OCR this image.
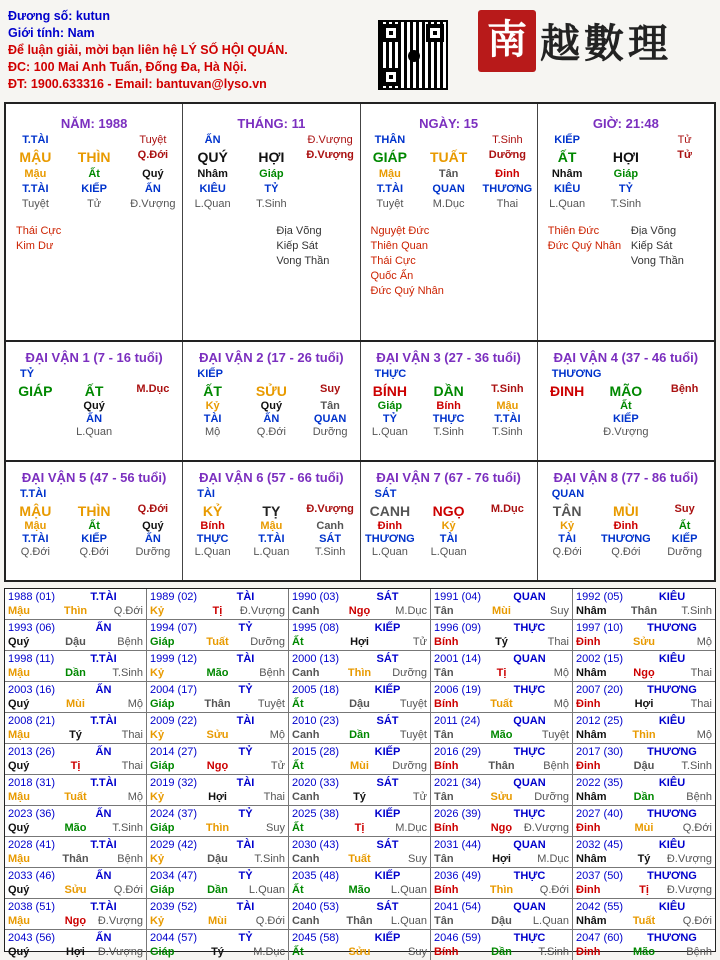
Đương số: kutun
Giới tính: Nam
Để luận giải, mời bạn liên hệ LÝ SỐ HỘI QUÁN.
ĐC: 100 Mai Anh Tuấn, Đống Đa, Hà Nội.
ĐT: 1900.633316 - Email: bantuvan@lyso.vn
南 越數理
NĂM: 1988
T.TÀI	Tuyệt
MẬU	THÌN	Q.Đới
Mậu	Ất	Quý
T.TÀI	KIẾP	ẤN
Tuyệt	Tử	Đ.Vượng
Thái Cực
Kim Dư
THÁNG: 11
ẤN	Đ.Vượng
QUÝ	HỢI	Đ.Vượng
Nhâm	Giáp
KIÊU	TỶ
L.Quan	T.Sinh
Địa Võng
Kiếp Sát
Vong Thần
NGÀY: 15
THÂN	T.Sinh
GIÁP	TUẤT	Dưỡng
Mậu	Tân	Đinh
T.TÀI	QUAN	THƯƠNG
Tuyệt	M.Dục	Thai
Nguyệt Đức
Thiên Quan
Thái Cực
Quốc Ấn
Đức Quý Nhân
GIỜ: 21:48
KIẾP	Tử
ẤT	HỢI	Tử
Nhâm	Giáp
KIÊU	TỶ
L.Quan	T.Sinh
Thiên Đức
Đức Quý Nhân
Địa Võng
Kiếp Sát
Vong Thần
ĐẠI VẬN 1 (7 - 16 tuổi)
TỶ
GIÁP	ẤT	M.Dục
Quý
ẤN
L.Quan
ĐẠI VẬN 2 (17 - 26 tuổi)
KIẾP
ẤT	SỬU	Suy
Kỷ	Quý	Tân
TÀI	ẤN	QUAN
Mộ	Q.Đới	Dưỡng
ĐẠI VẬN 3 (27 - 36 tuổi)
THỰC
BÍNH	DẦN	T.Sinh
Giáp	Bính	Mậu
TỶ	THỰC	T.TÀI
L.Quan	T.Sinh	T.Sinh
ĐẠI VẬN 4 (37 - 46 tuổi)
THƯƠNG
ĐINH	MÃO	Bệnh
Ất
KIẾP
Đ.Vượng
ĐẠI VẬN 5 (47 - 56 tuổi)
T.TÀI
MẬU	THÌN	Q.Đới
Mậu	Ất	Quý
T.TÀI	KIẾP	ẤN
Q.Đới	Q.Đới	Dưỡng
ĐẠI VẬN 6 (57 - 66 tuổi)
TÀI
KỶ	TỴ	Đ.Vượng
Bính	Mậu	Canh
THỰC	T.TÀI	SÁT
L.Quan	L.Quan	T.Sinh
ĐẠI VẬN 7 (67 - 76 tuổi)
SÁT
CANH	NGỌ	M.Dục
Đinh	Kỷ
THƯƠNG	TÀI
L.Quan	L.Quan
ĐẠI VẬN 8 (77 - 86 tuổi)
QUAN
TÂN	MÙI	Suy
Kỷ	Đinh	Ất
TÀI	THƯƠNG	KIẾP
Q.Đới	Q.Đới	Dưỡng
1988 (01)	T.TÀI
Mậu	Thìn	Q.Đới
1989 (02)	TÀI
Kỷ	Tị	Đ.Vượng
1990 (03)	SÁT
Canh	Ngọ	M.Dục
1991 (04)	QUAN
Tân	Mùi	Suy
1992 (05)	KIÊU
Nhâm	Thân	T.Sinh
1993 (06)	ẤN
Quý	Dậu	Bệnh
1994 (07)	TỶ
Giáp	Tuất	Dưỡng
1995 (08)	KIẾP
Ất	Hợi	Tử
1996 (09)	THỰC
Bính	Tý	Thai
1997 (10)	THƯƠNG
Đinh	Sửu	Mộ
1998 (11)	T.TÀI
Mậu	Dần	T.Sinh
1999 (12)	TÀI
Kỷ	Mão	Bệnh
2000 (13)	SÁT
Canh	Thìn	Dưỡng
2001 (14)	QUAN
Tân	Tị	Mộ
2002 (15)	KIÊU
Nhâm	Ngọ	Thai
2003 (16)	ẤN
Quý	Mùi	Mộ
2004 (17)	TỶ
Giáp	Thân	Tuyệt
2005 (18)	KIẾP
Ất	Dậu	Tuyệt
2006 (19)	THỰC
Bính	Tuất	Mộ
2007 (20)	THƯƠNG
Đinh	Hợi	Thai
2008 (21)	T.TÀI
Mậu	Tý	Thai
2009 (22)	TÀI
Kỷ	Sửu	Mộ
2010 (23)	SÁT
Canh	Dần	Tuyệt
2011 (24)	QUAN
Tân	Mão	Tuyệt
2012 (25)	KIÊU
Nhâm	Thìn	Mộ
2013 (26)	ẤN
Quý	Tị	Thai
2014 (27)	TỶ
Giáp	Ngọ	Tử
2015 (28)	KIẾP
Ất	Mùi	Dưỡng
2016 (29)	THỰC
Bính	Thân	Bệnh
2017 (30)	THƯƠNG
Đinh	Dậu	T.Sinh
2018 (31)	T.TÀI
Mậu	Tuất	Mộ
2019 (32)	TÀI
Kỷ	Hợi	Thai
2020 (33)	SÁT
Canh	Tý	Tử
2021 (34)	QUAN
Tân	Sửu	Dưỡng
2022 (35)	KIÊU
Nhâm	Dần	Bệnh
2023 (36)	ẤN
Quý	Mão	T.Sinh
2024 (37)	TỶ
Giáp	Thìn	Suy
2025 (38)	KIẾP
Ất	Tị	M.Dục
2026 (39)	THỰC
Bính	Ngọ	Đ.Vượng
2027 (40)	THƯƠNG
Đinh	Mùi	Q.Đới
2028 (41)	T.TÀI
Mậu	Thân	Bệnh
2029 (42)	TÀI
Kỷ	Dậu	T.Sinh
2030 (43)	SÁT
Canh	Tuất	Suy
2031 (44)	QUAN
Tân	Hợi	M.Dục
2032 (45)	KIÊU
Nhâm	Tý	Đ.Vượng
2033 (46)	ẤN
Quý	Sửu	Q.Đới
2034 (47)	TỶ
Giáp	Dần	L.Quan
2035 (48)	KIẾP
Ất	Mão	L.Quan
2036 (49)	THỰC
Bính	Thìn	Q.Đới
2037 (50)	THƯƠNG
Đinh	Tị	Đ.Vượng
2038 (51)	T.TÀI
Mậu	Ngọ	Đ.Vượng
2039 (52)	TÀI
Kỷ	Mùi	Q.Đới
2040 (53)	SÁT
Canh	Thân	L.Quan
2041 (54)	QUAN
Tân	Dậu	L.Quan
2042 (55)	KIÊU
Nhâm	Tuất	Q.Đới
2043 (56)	ẤN
Quý	Hợi	Đ.Vượng
2044 (57)	TỶ
Giáp	Tý	M.Dục
2045 (58)	KIẾP
Ất	Sửu	Suy
2046 (59)	THỰC
Bính	Dần	T.Sinh
2047 (60)	THƯƠNG
Đinh	Mão	Bệnh
